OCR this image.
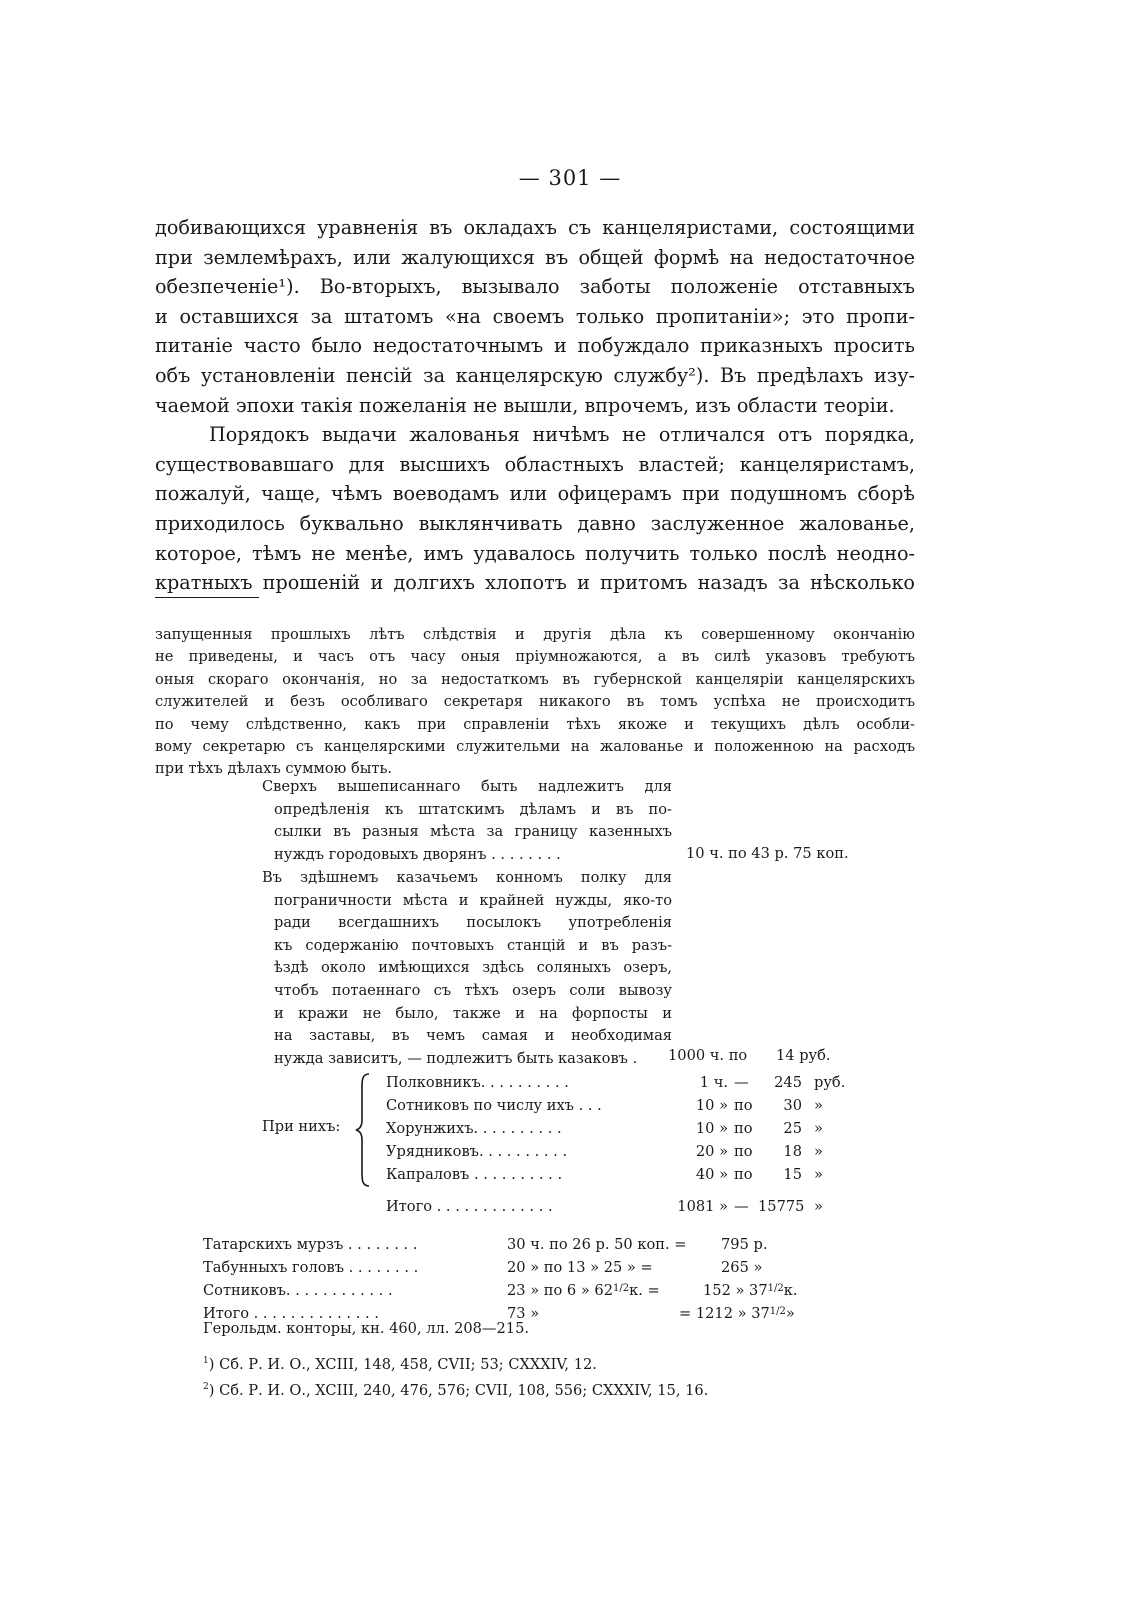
— 301 —
добивающихся уравненія въ окладахъ съ канцеляристами, состоящими
при землемѣрахъ, или жалующихся въ общей формѣ на недостаточное
обезпеченіе¹). Во-вторыхъ, вызывало заботы положеніе отставныхъ
и оставшихся за штатомъ «на своемъ только пропитаніи»; это пропи-
питаніе часто было недостаточнымъ и побуждало приказныхъ просить
объ установленіи пенсій за канцелярскую службу²). Въ предѣлахъ изу-
чаемой эпохи такія пожеланія не вышли, впрочемъ, изъ области теоріи.
Порядокъ выдачи жалованья ничѣмъ не отличался отъ порядка,
существовавшаго для высшихъ областныхъ властей; канцеляристамъ,
пожалуй, чаще, чѣмъ воеводамъ или офицерамъ при подушномъ сборѣ
приходилось буквально выклянчивать давно заслуженное жалованье,
которое, тѣмъ не менѣе, имъ удавалось получить только послѣ неодно-
кратныхъ прошеній и долгихъ хлопотъ и притомъ назадъ за нѣсколько
запущенныя прошлыхъ лѣтъ слѣдствія и другія дѣла къ совершенному окончанію
не приведены, и часъ отъ часу оныя пріумножаются, а въ силѣ указовъ требуютъ
оныя скораго окончанія, но за недостаткомъ въ губернской канцеляріи канцелярскихъ
служителей и безъ особливаго секретаря никакого въ томъ успѣха не происходитъ
по чему слѣдственно, какъ при справленіи тѣхъ якоже и текущихъ дѣлъ особли-
вому секретарю съ канцелярскими служительми на жалованье и положенною на расходъ
при тѣхъ дѣлахъ суммою быть.
Сверхъ вышеписаннаго быть надлежитъ для
опредѣленія къ штатскимъ дѣламъ и въ по-
сылки въ разныя мѣста за границу казенныхъ
нуждъ городовыхъ дворянъ . . . . . . . .	10 ч. по 43 р. 75 коп.
Въ здѣшнемъ казачьемъ конномъ полку для
пограничности мѣста и крайней нужды, яко-то
ради всегдашнихъ посылокъ употребленія
къ содержанію почтовыхъ станцій и въ разъ-
ѣздѣ около имѣющихся здѣсь соляныхъ озеръ,
чтобъ потаеннаго съ тѣхъ озеръ соли вывозу
и кражи не было, также и на форпосты и
на заставы, въ чемъ самая и необходимая
нужда зависитъ, — подлежитъ быть казаковъ .	1000 ч. по 14 руб.
При нихъ:
Полковникъ. . . . . . . . . .	1 ч. —	245 руб.
Сотниковъ по числу ихъ . . .	10 » по	30 »
Хорунжихъ. . . . . . . . . .	10 » по	25 »
Урядниковъ. . . . . . . . . .	20 » по	18 »
Капраловъ . . . . . . . . . .	40 » по	15 »
Итого . . . . . . . . . . . . .	1081 » — 15775 »
Татарскихъ мурзъ . . . . . . . .	30 ч. по 26 р. 50 коп. = 795 р.
Табунныхъ головъ . . . . . . . .	20 » по 13 » 25 » =	265 »
Сотниковъ. . . . . . . . . . . .	23 » по 6 » $62^{1/2}к$. =	152 » $37^{1/2}к$.
Итого . . . . . . . . . . . . . .	73 »	= 1212 » $37^{1/2}$»
Герольдм. конторы, кн. 460, лл. 208—215.
$^1$) Сб. Р. И. О., XCIII, 148, 458, CVII; 53; CXXXIV, 12.
$^2$) Сб. Р. И. О., XCIII, 240, 476, 576; CVII, 108, 556; CXXXIV, 15, 16.
